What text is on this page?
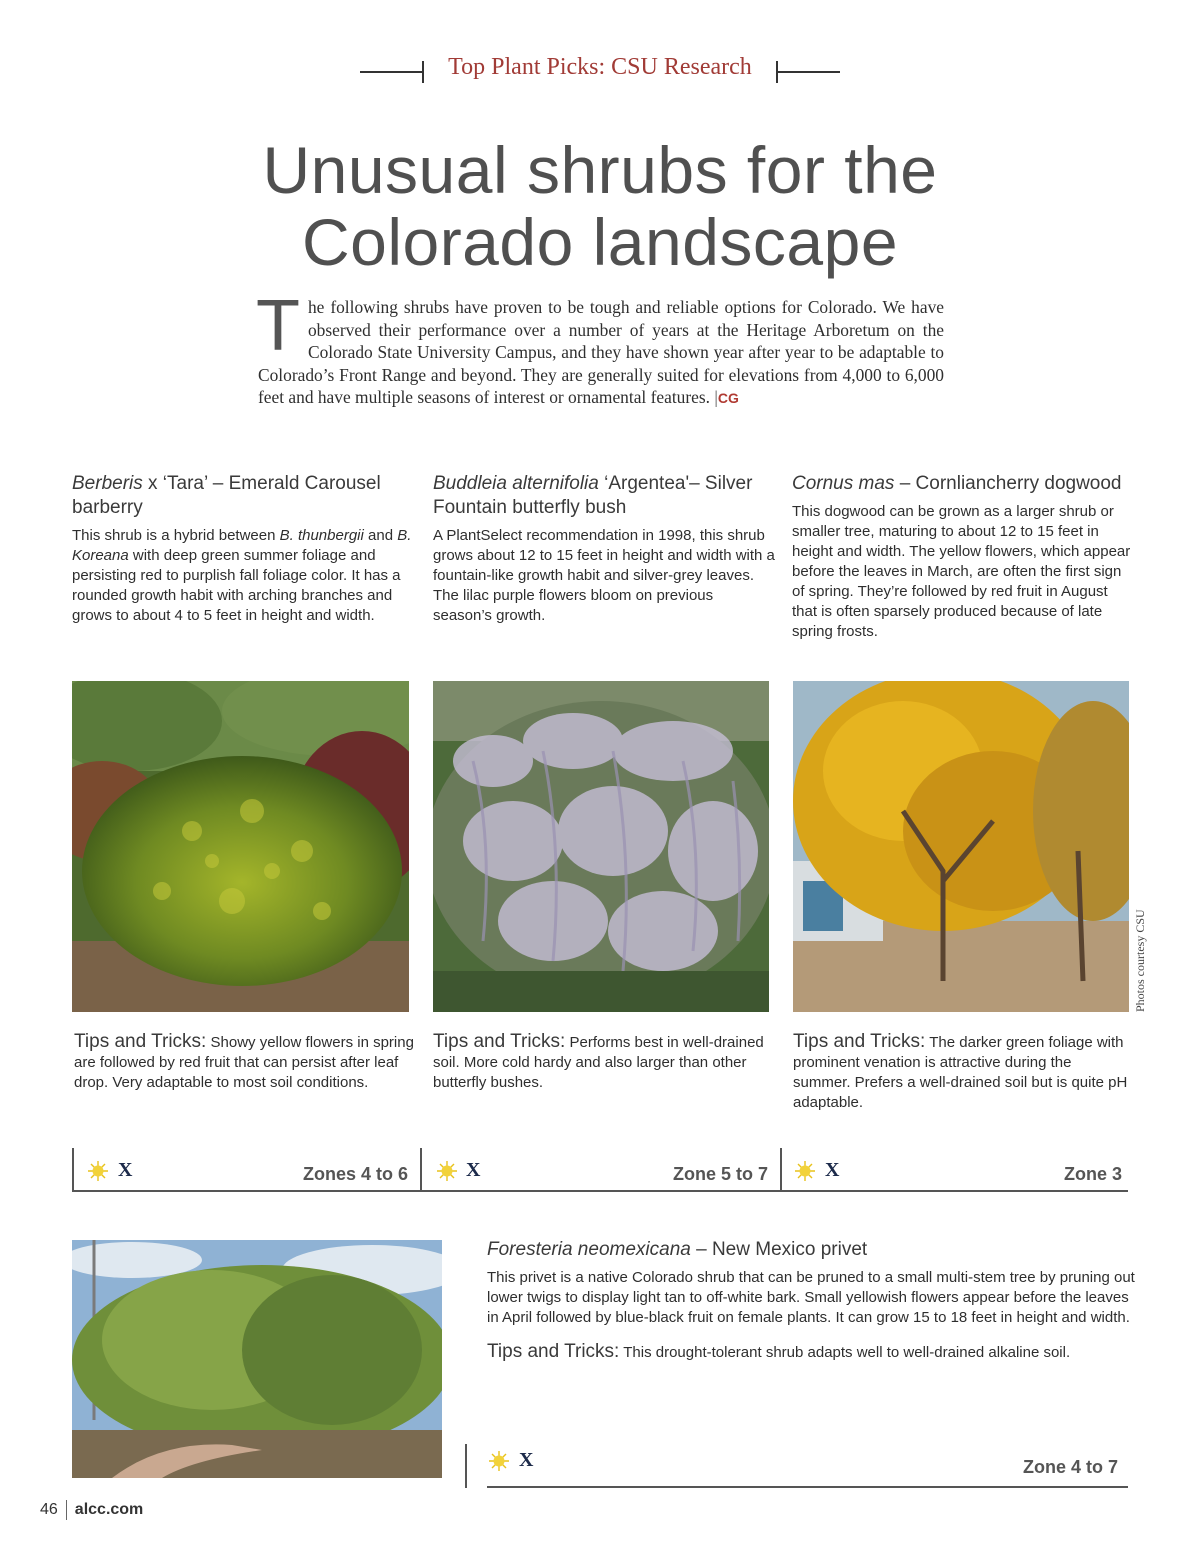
Top Plant Picks: CSU Research
Unusual shrubs for the
Colorado landscape
The following shrubs have proven to be tough and reliable options for Colorado. We have observed their performance over a number of years at the Heritage Arboretum on the Colorado State University Campus, and they have shown year after year to be adaptable to Colorado’s Front Range and beyond. They are generally suited for elevations from 4,000 to 6,000 feet and have multiple seasons of interest or ornamental features. |CG
Berberis x ‘Tara’ – Emerald Carousel barberry
This shrub is a hybrid between B. thunbergii and B. Koreana with deep green summer foliage and persisting red to purplish fall foliage color. It has a rounded growth habit with arching branches and grows to about 4 to 5 feet in height and width.
Buddleia alternifolia ‘Argentea'– Silver Fountain butterfly bush
A PlantSelect recommendation in 1998, this shrub grows about 12 to 15 feet in height and width with a fountain-like growth habit and silver-grey leaves. The lilac purple flowers bloom on previous season’s growth.
Cornus mas – Cornliancherry dogwood
This dogwood can be grown as a larger shrub or smaller tree, maturing to about 12 to 15 feet in height and width. The yellow flowers, which appear before the leaves in March, are often the first sign of spring. They’re followed by red fruit in August that is often sparsely produced because of late spring frosts.
Tips and Tricks: Showy yellow flowers in spring are followed by red fruit that can persist after leaf drop. Very adaptable to most soil conditions.
Tips and Tricks: Performs best in well-drained soil. More cold hardy and also larger than other butterfly bushes.
Tips and Tricks: The darker green foliage with prominent venation is attractive during the summer. Prefers a well-drained soil but is quite pH adaptable.
X	Zones 4 to 6	X	Zone 5 to 7	X	Zone 3
Photos courtesy CSU
Foresteria neomexicana – New Mexico privet
This privet is a native Colorado shrub that can be pruned to a small multi-stem tree by pruning out lower twigs to display light tan to off-white bark. Small yellowish flowers appear before the leaves in April followed by blue-black fruit on female plants. It can grow 15 to 18 feet in height and width.
Tips and Tricks: This drought-tolerant shrub adapts well to well-drained alkaline soil.
X	Zone 4 to 7
46 alcc.com
